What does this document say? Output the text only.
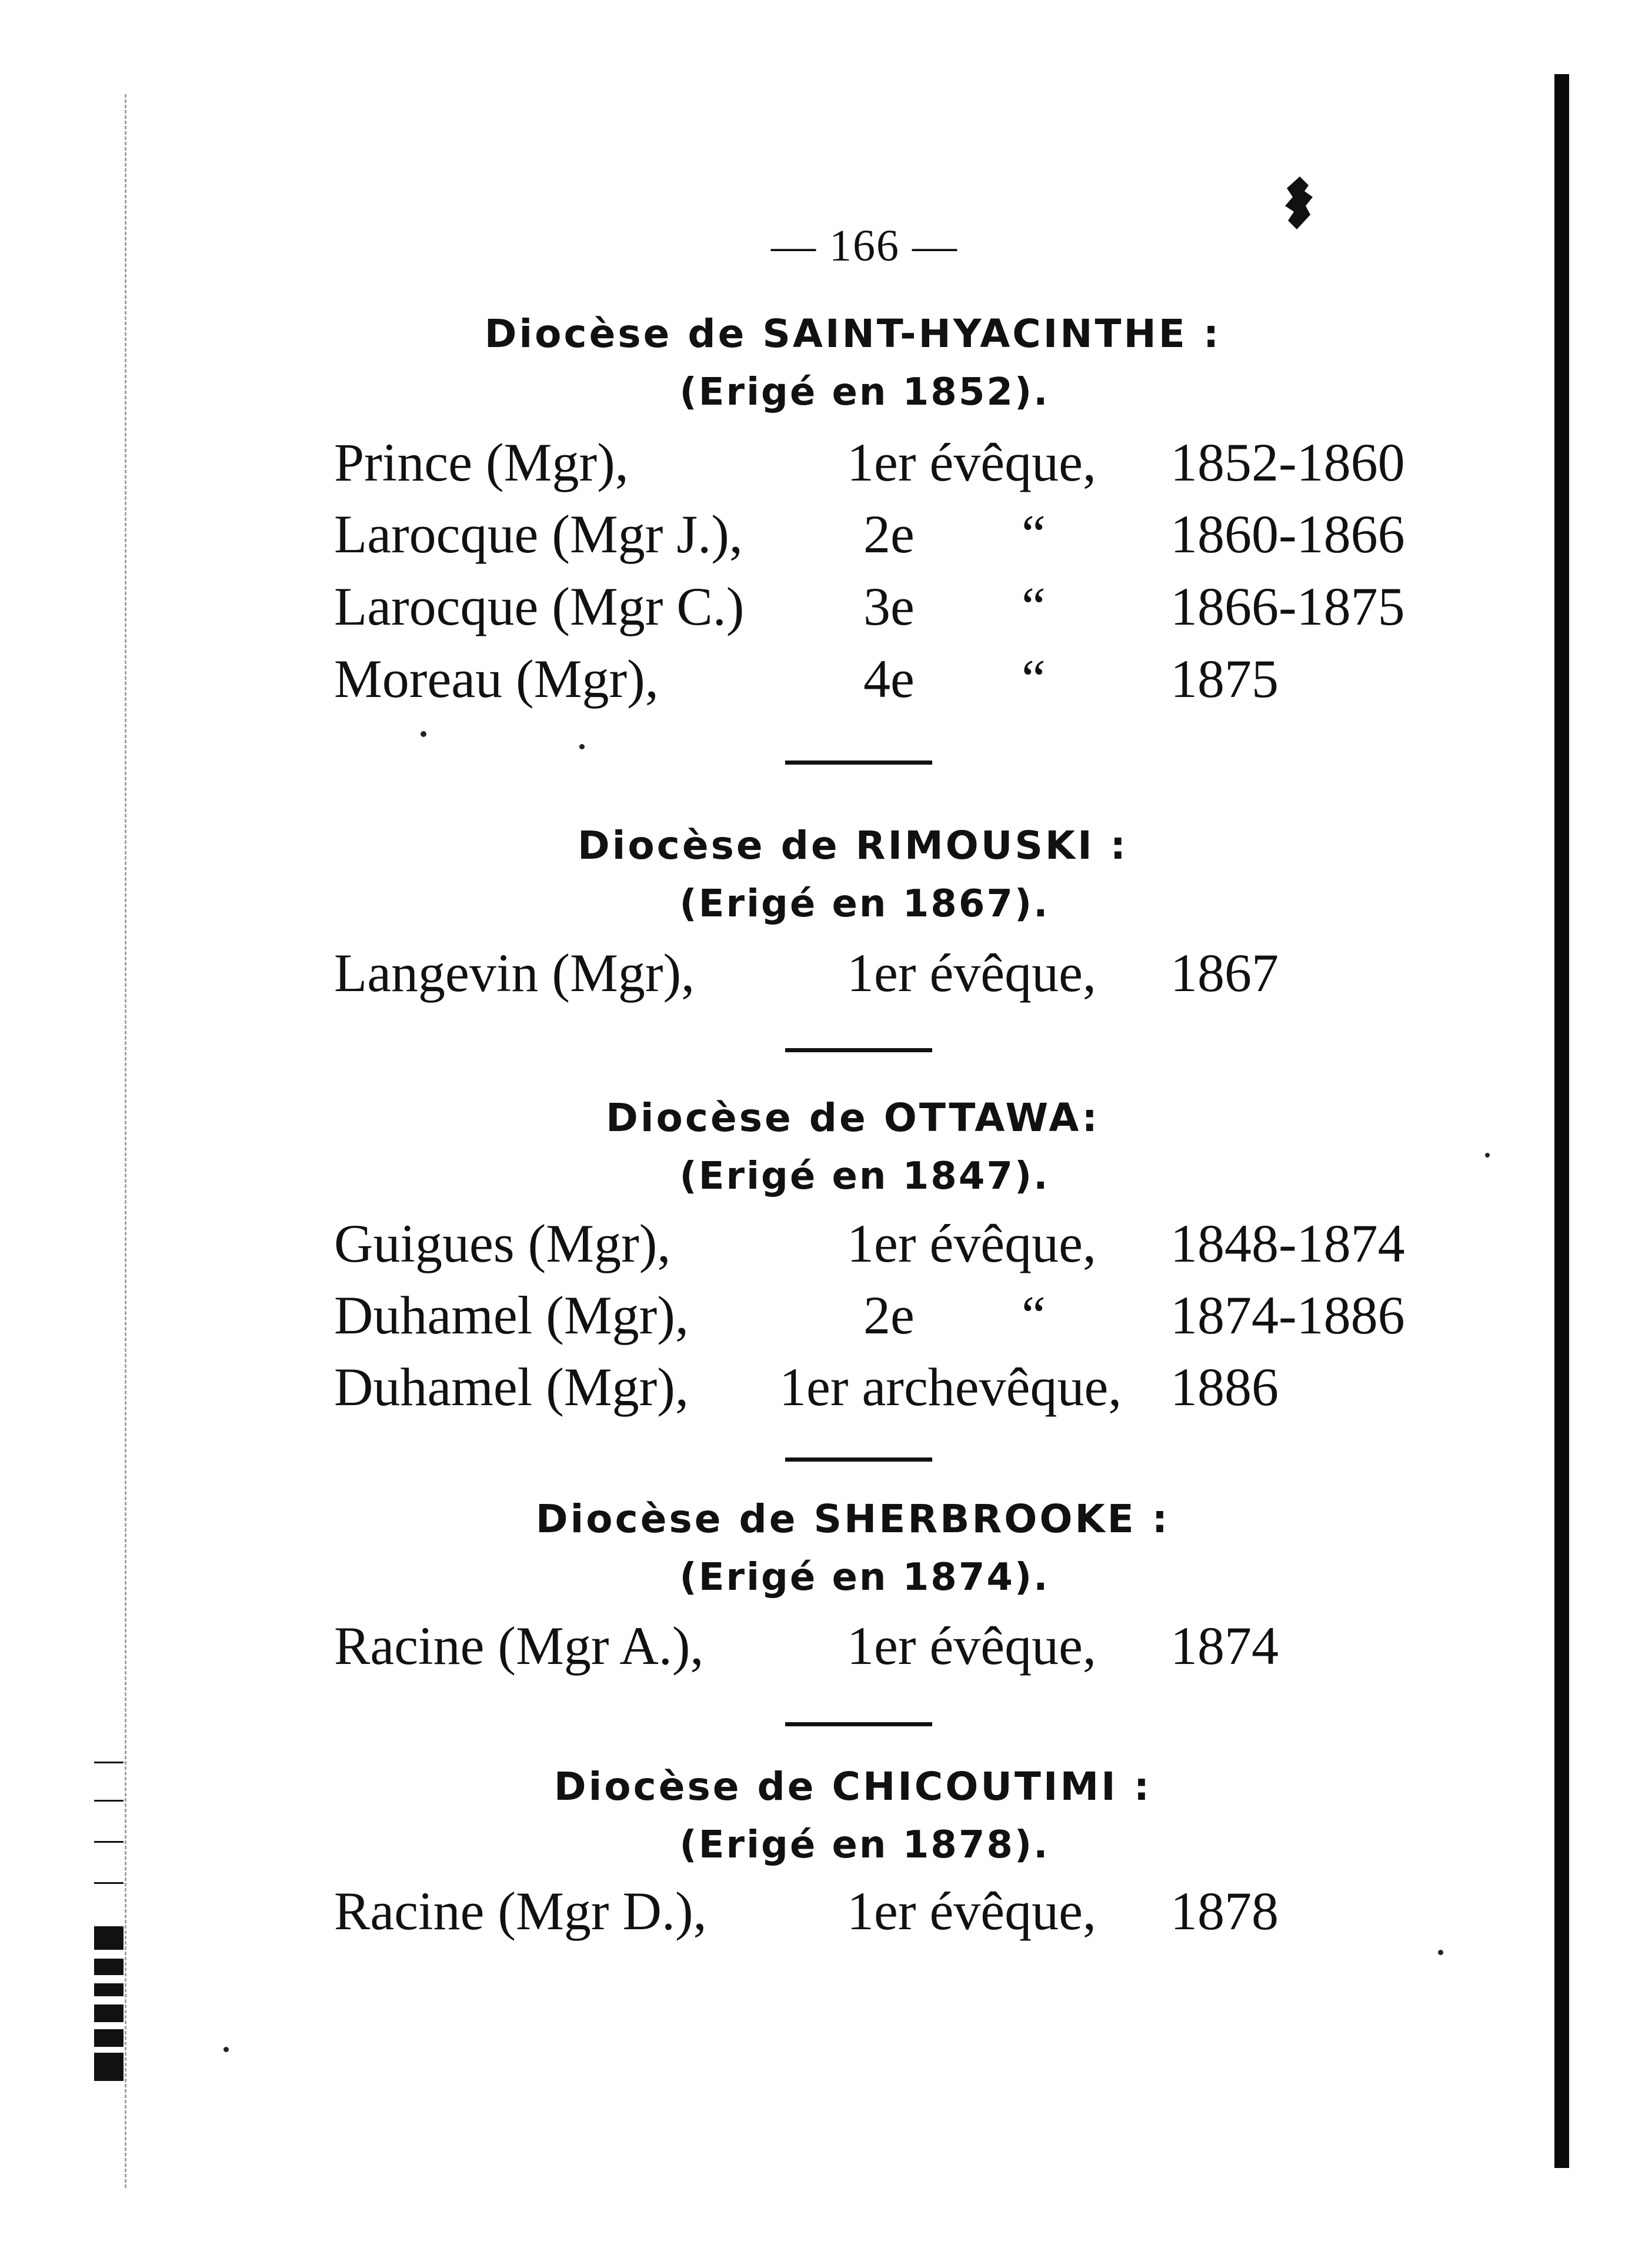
— 166 —
Diocèse de SAINT-HYACINTHE :
(Erigé en 1852).
Prince (Mgr),	1er évêque, 1852-1860
Larocque (Mgr J.), 2e “ 1860-1866
Larocque (Mgr C.) 3e “ 1866-1875
Moreau (Mgr),	4e “ 1875
Diocèse de RIMOUSKI :
(Erigé en 1867).
Langevin (Mgr),	1er évêque, 1867
Diocèse de OTTAWA:
(Erigé en 1847).
Guigues (Mgr),	1er évêque, 1848-1874
Duhamel (Mgr),	2e “ 1874-1886
Duhamel (Mgr), 1er archevêque, 1886
Diocèse de SHERBROOKE :
(Erigé en 1874).
Racine (Mgr A.),	1er évêque, 1874
Diocèse de CHICOUTIMI :
(Erigé en 1878).
Racine (Mgr D.),	1er évêque, 1878
